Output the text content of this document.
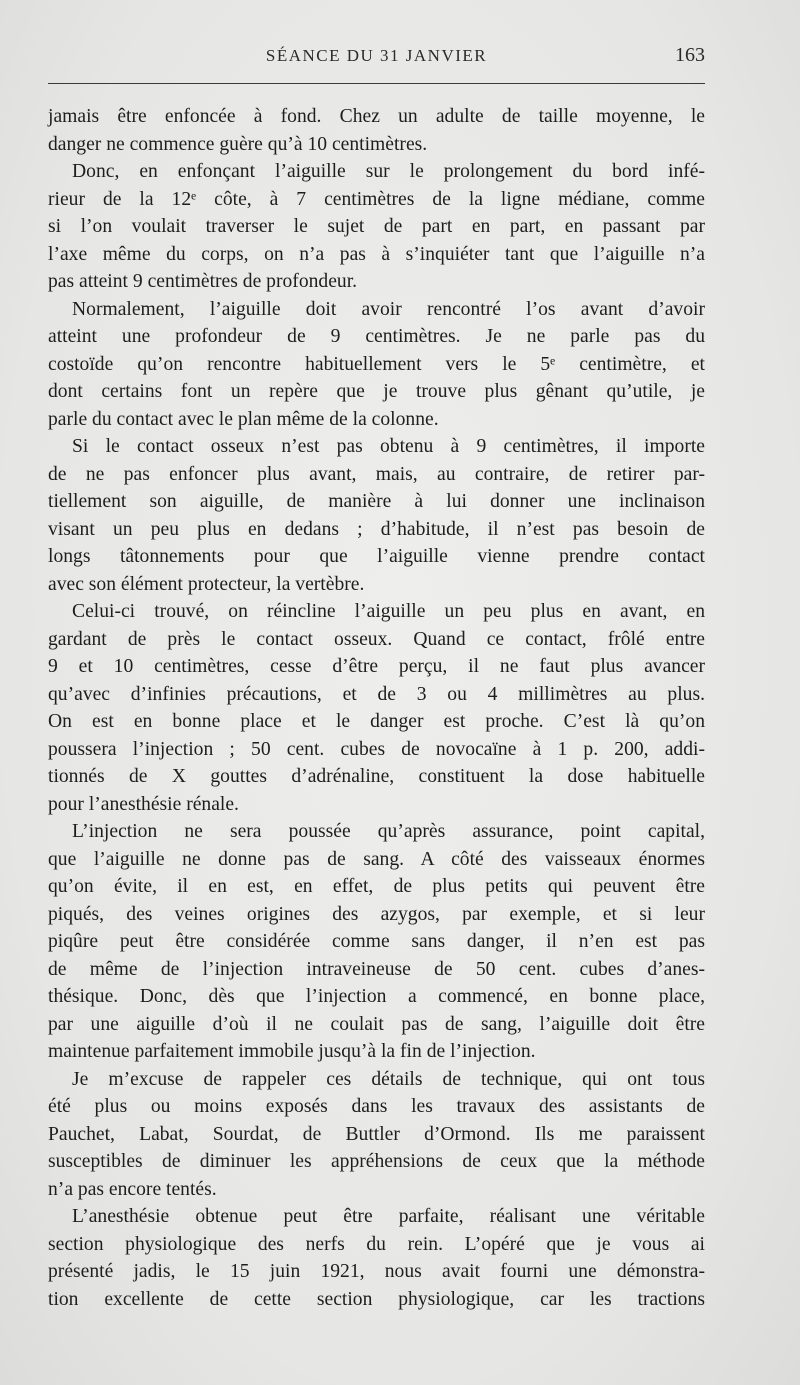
SÉANCE DU 31 JANVIER	163
jamais être enfoncée à fond. Chez un adulte de taille moyenne, le
danger ne commence guère qu’à 10 centimètres.
Donc, en enfonçant l’aiguille sur le prolongement du bord infé-
rieur de la 12ᵉ côte, à 7 centimètres de la ligne médiane, comme
si l’on voulait traverser le sujet de part en part, en passant par
l’axe même du corps, on n’a pas à s’inquiéter tant que l’aiguille n’a
pas atteint 9 centimètres de profondeur.
Normalement, l’aiguille doit avoir rencontré l’os avant d’avoir
atteint une profondeur de 9 centimètres. Je ne parle pas du
costoïde qu’on rencontre habituellement vers le 5ᵉ centimètre, et
dont certains font un repère que je trouve plus gênant qu’utile, je
parle du contact avec le plan même de la colonne.
Si le contact osseux n’est pas obtenu à 9 centimètres, il importe
de ne pas enfoncer plus avant, mais, au contraire, de retirer par-
tiellement son aiguille, de manière à lui donner une inclinaison
visant un peu plus en dedans ; d’habitude, il n’est pas besoin de
longs tâtonnements pour que l’aiguille vienne prendre contact
avec son élément protecteur, la vertèbre.
Celui-ci trouvé, on réincline l’aiguille un peu plus en avant, en
gardant de près le contact osseux. Quand ce contact, frôlé entre
9 et 10 centimètres, cesse d’être perçu, il ne faut plus avancer
qu’avec d’infinies précautions, et de 3 ou 4 millimètres au plus.
On est en bonne place et le danger est proche. C’est là qu’on
poussera l’injection ; 50 cent. cubes de novocaïne à 1 p. 200, addi-
tionnés de X gouttes d’adrénaline, constituent la dose habituelle
pour l’anesthésie rénale.
L’injection ne sera poussée qu’après assurance, point capital,
que l’aiguille ne donne pas de sang. A côté des vaisseaux énormes
qu’on évite, il en est, en effet, de plus petits qui peuvent être
piqués, des veines origines des azygos, par exemple, et si leur
piqûre peut être considérée comme sans danger, il n’en est pas
de même de l’injection intraveineuse de 50 cent. cubes d’anes-
thésique. Donc, dès que l’injection a commencé, en bonne place,
par une aiguille d’où il ne coulait pas de sang, l’aiguille doit être
maintenue parfaitement immobile jusqu’à la fin de l’injection.
Je m’excuse de rappeler ces détails de technique, qui ont tous
été plus ou moins exposés dans les travaux des assistants de
Pauchet, Labat, Sourdat, de Buttler d’Ormond. Ils me paraissent
susceptibles de diminuer les appréhensions de ceux que la méthode
n’a pas encore tentés.
L’anesthésie obtenue peut être parfaite, réalisant une véritable
section physiologique des nerfs du rein. L’opéré que je vous ai
présenté jadis, le 15 juin 1921, nous avait fourni une démonstra-
tion excellente de cette section physiologique, car les tractions
